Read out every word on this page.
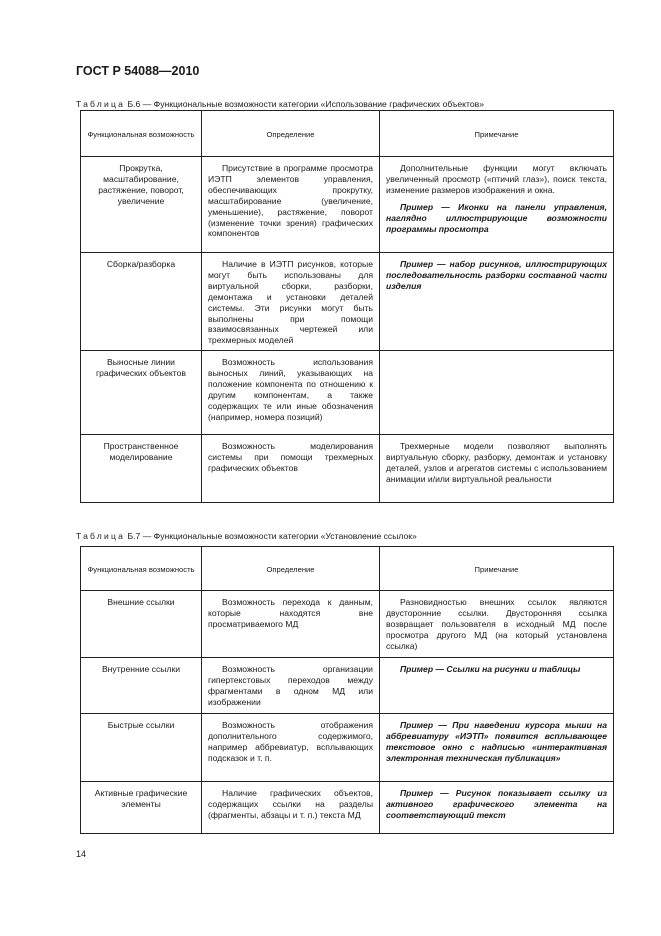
ГОСТ Р 54088—2010
Таблица Б.6 — Функциональные возможности категории «Использование графических объектов»
Функциональная возможность	Определение	Примечание
Прокрутка, масштабирование, растяжение, поворот, увеличение	Присутствие в программе просмотра ИЭТП элементов управления, обеспечивающих прокрутку, масштабирование (увеличение, уменьшение), растяжение, поворот (изменение точки зрения) графических компонентов	Дополнительные функции могут включать увеличенный просмотр («птичий глаз»), поиск текста, изменение размеров изображения и окна.

Пример — Иконки на панели управления, наглядно иллюстрирующие возможности программы просмотра

Сборка/разборка	Наличие в ИЭТП рисунков, которые могут быть использованы для виртуальной сборки, разборки, демонтажа и установки деталей системы. Эти рисунки могут быть выполнены при помощи взаимосвязанных чертежей или трехмерных моделей	Пример — набор рисунков, иллюстрирующих последовательность разборки составной части изделия

Выносные линии графических объектов	Возможность использования выносных линий, указывающих на положение компонента по отношению к другим компонентам, а также содержащих те или иные обозначения (например, номера позиций)	
Пространственное моделирование	Возможность моделирования системы при помощи трехмерных графических объектов	Трехмерные модели позволяют выполнять виртуальную сборку, разборку, демонтаж и установку деталей, узлов и агрегатов системы с использованием анимации и/или виртуальной реальности
Таблица Б.7 — Функциональные возможности категории «Установление ссылок»
Функциональная возможность	Определение	Примечание
Внешние ссылки	Возможность перехода к данным, которые находятся вне просматриваемого МД	Разновидностью внешних ссылок являются двусторонние ссылки. Двусторонняя ссылка возвращает пользователя в исходный МД после просмотра другого МД (на который установлена ссылка)
Внутренние ссылки	Возможность организации гипертекстовых переходов между фрагментами в одном МД или изображении	Пример — Ссылки на рисунки и таблицы

Быстрые ссылки	Возможность отображения дополнительного содержимого, например аббревиатур, всплывающих подсказок и т. п.	Пример — При наведении курсора мыши на аббревиатуру «ИЭТП» появится всплывающее текстовое окно с надписью «интерактивная электронная техническая публикация»

Активные графические элементы	Наличие графических объектов, содержащих ссылки на разделы (фрагменты, абзацы и т. п.) текста МД	Пример — Рисунок показывает ссылку из активного графического элемента на соответствующий текст

14
